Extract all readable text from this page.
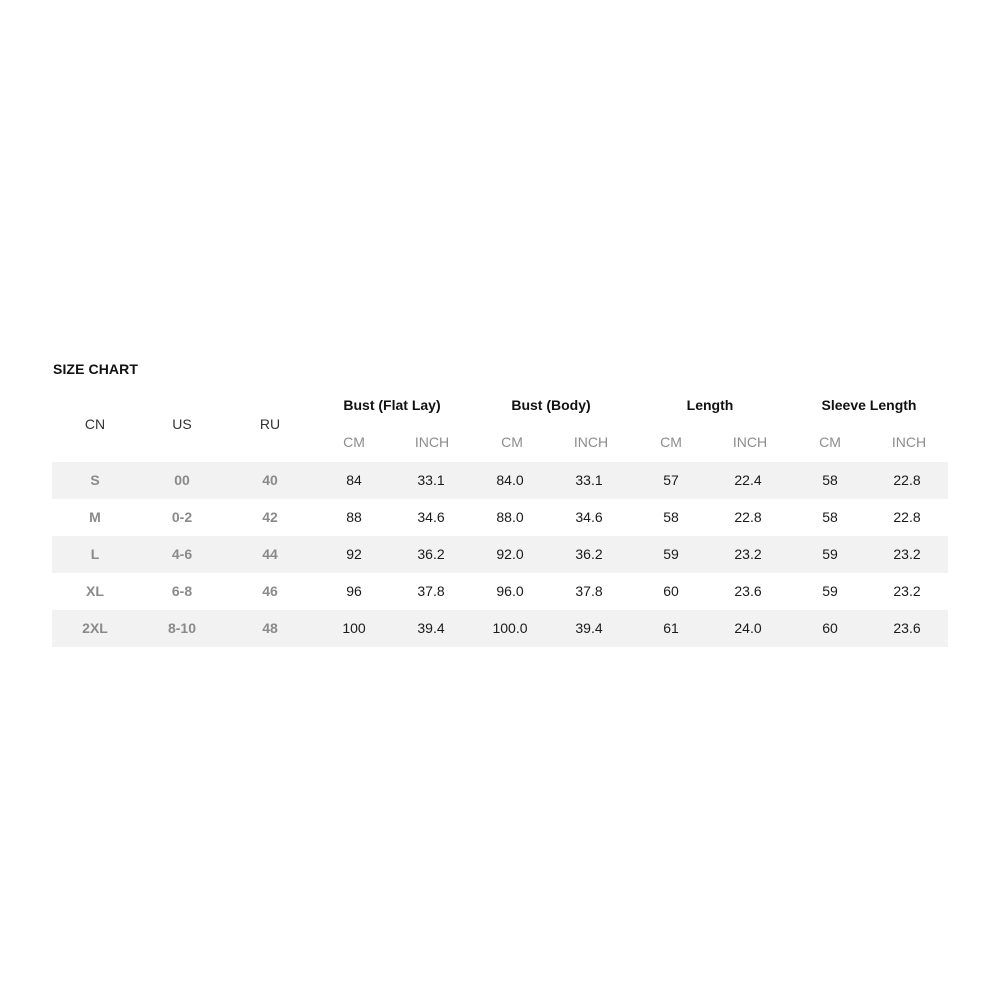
SIZE CHART
CN	US	RU
Bust (Flat Lay)	Bust (Body)	Length	Sleeve Length
CM	INCH	CM	INCH	CM	INCH	CM	INCH
S	00	40	84	33.1	84.0	33.1	57	22.4	58	22.8
M	0-2	42	88	34.6	88.0	34.6	58	22.8	58	22.8
L	4-6	44	92	36.2	92.0	36.2	59	23.2	59	23.2
XL	6-8	46	96	37.8	96.0	37.8	60	23.6	59	23.2
2XL	8-10	48	100	39.4	100.0	39.4	61	24.0	60	23.6
